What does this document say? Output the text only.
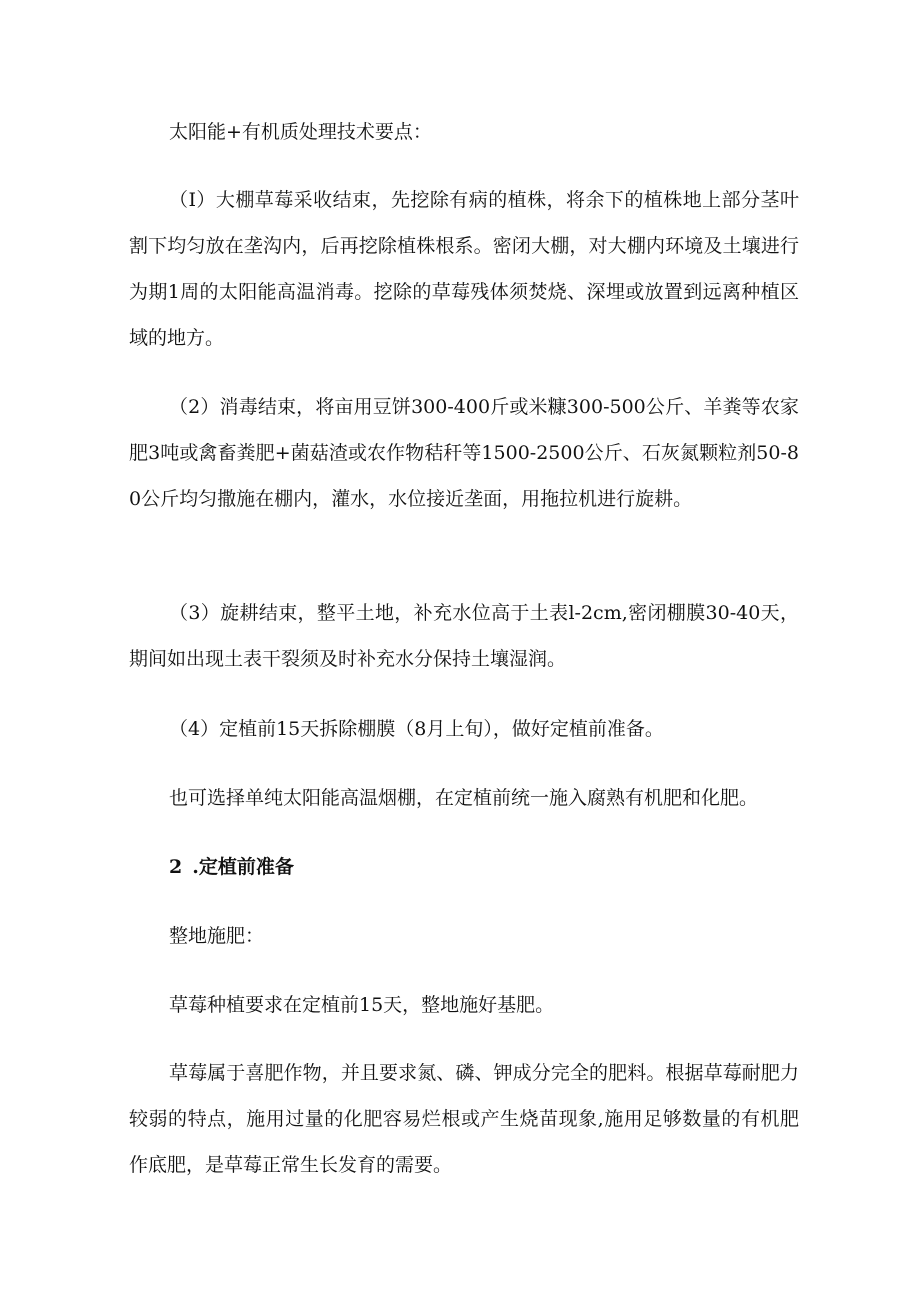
太阳能+有机质处理技术要点：

（I）大棚草莓采收结束，先挖除有病的植株，将余下的植株地上部分茎叶割下均匀放在垄沟内，后再挖除植株根系。密闭大棚，对大棚内环境及土壤进行为期1周的太阳能高温消毒。挖除的草莓残体须焚烧、深埋或放置到远离种植区域的地方。

（2）消毒结束，将亩用豆饼300-400斤或米糠300-500公斤、羊粪等农家肥3吨或禽畜粪肥+菌菇渣或农作物秸秆等1500-2500公斤、石灰氮颗粒剂50-80公斤均匀撒施在棚内，灌水，水位接近垄面，用拖拉机进行旋耕。

（3）旋耕结束，整平土地，补充水位高于土表l-2cm,密闭棚膜30-40天，期间如出现土表干裂须及时补充水分保持土壤湿润。

（4）定植前15天拆除棚膜（8月上旬），做好定植前准备。

也可选择单纯太阳能高温烟棚，在定植前统一施入腐熟有机肥和化肥。

2 .定植前准备

整地施肥：

草莓种植要求在定植前15天，整地施好基肥。

草莓属于喜肥作物，并且要求氮、磷、钾成分完全的肥料。根据草莓耐肥力较弱的特点，施用过量的化肥容易烂根或产生烧苗现象,施用足够数量的有机肥作底肥，是草莓正常生长发育的需要。
